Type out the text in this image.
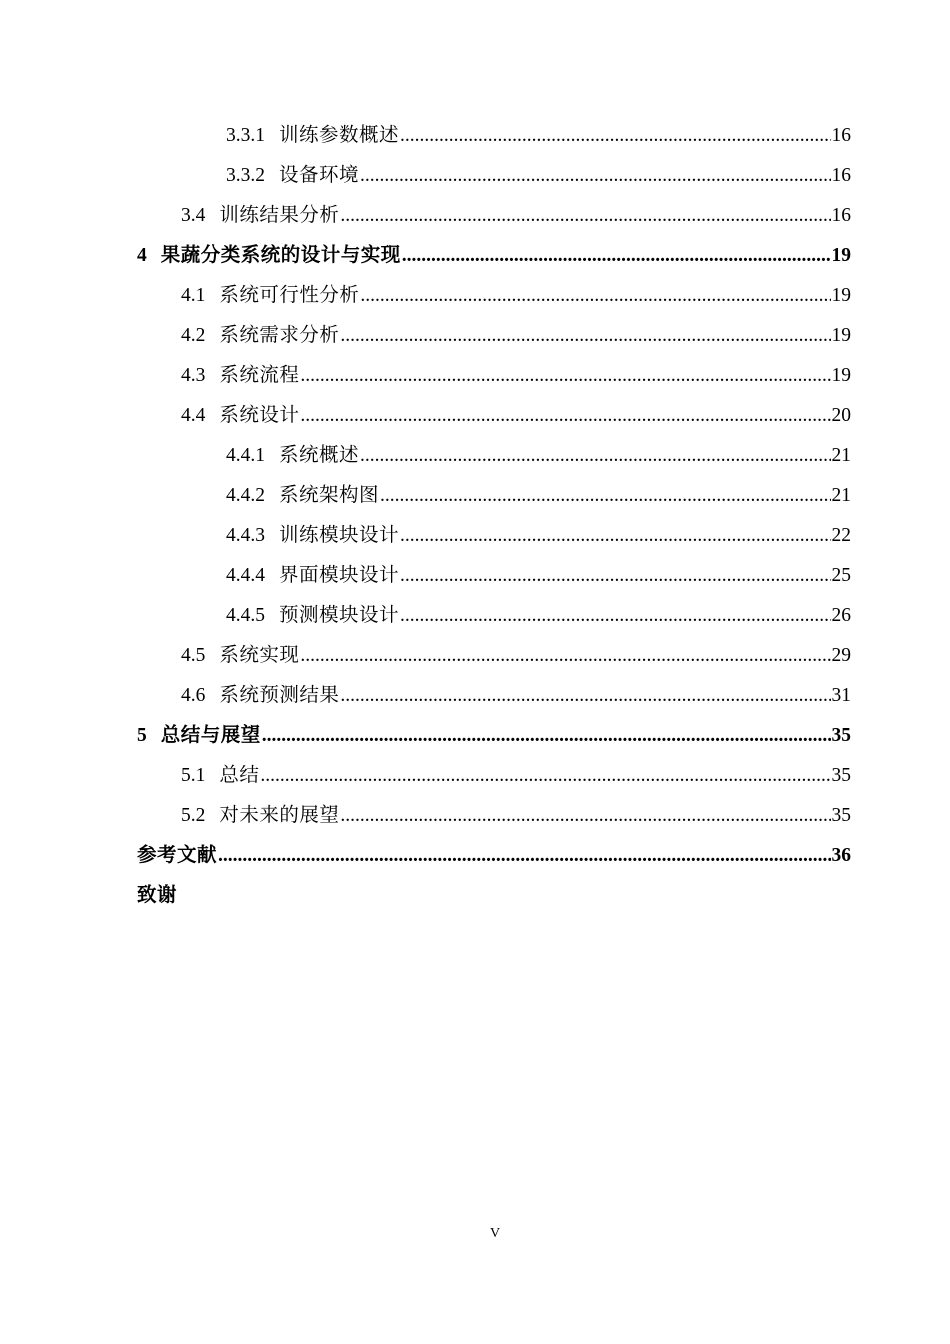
3.3.1 训练参数概述 .....	16
3.3.2 设备环境 .....	16
3.4 训练结果分析 .....	16
4 果蔬分类系统的设计与实现 .....	19
4.1 系统可行性分析 .....	19
4.2 系统需求分析 .....	19
4.3 系统流程 .....	19
4.4 系统设计 .....	20
4.4.1 系统概述 .....	21
4.4.2 系统架构图 .....	21
4.4.3 训练模块设计 .....	22
4.4.4 界面模块设计 .....	25
4.4.5 预测模块设计 .....	26
4.5 系统实现 .....	29
4.6 系统预测结果 .....	31
5 总结与展望 .....	35
5.1 总结 .....	35
5.2 对未来的展望 .....	35
参考文献 .....	36
致谢
V
